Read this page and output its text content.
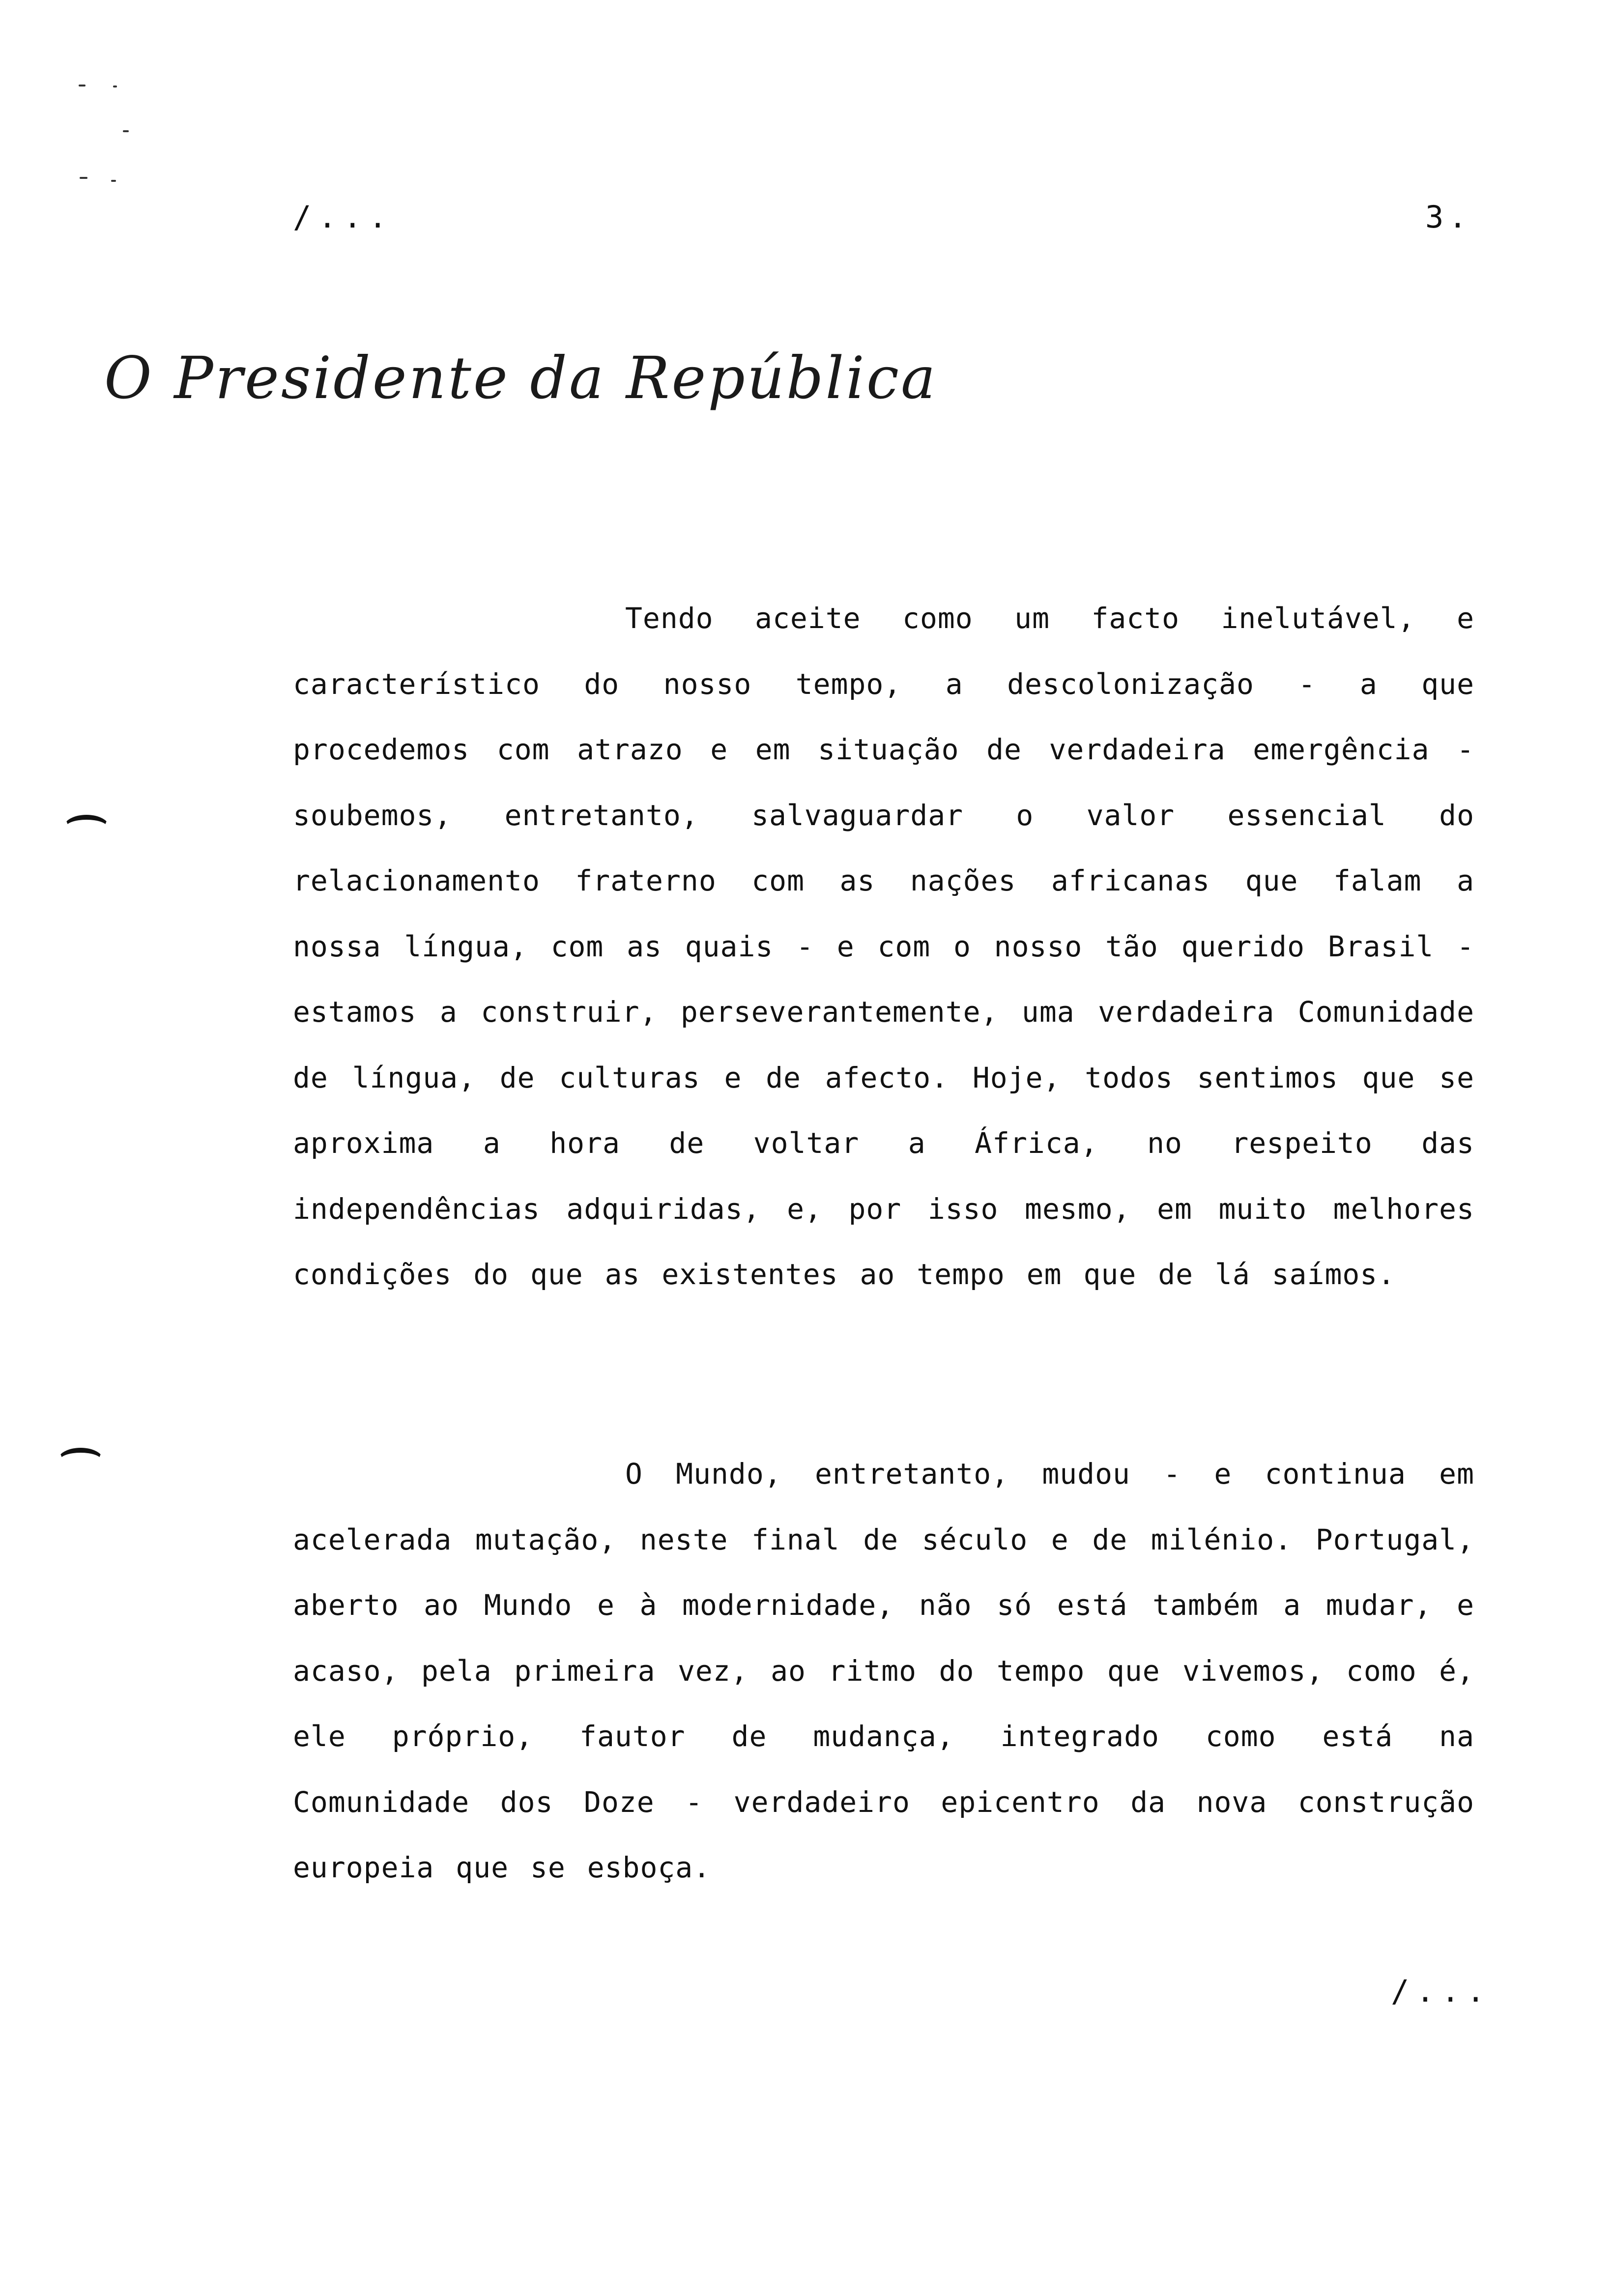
/...	3.
O Presidente da República

Tendo aceite como um facto inelutável, e característico do nosso tempo, a descolonização - a que procedemos com atrazo e em situação de verdadeira emergência - soubemos, entretanto, salvaguardar o valor essencial do relacionamento fraterno com as nações africanas que falam a nossa língua, com as quais - e com o nosso tão querido Brasil - estamos a construir, perseverantemente, uma verdadeira Comunidade de língua, de culturas e de afecto. Hoje, todos sentimos que se aproxima a hora de voltar a África, no respeito das independências adquiridas, e, por isso mesmo, em muito melhores condições do que as existentes ao tempo em que de lá saímos.

O Mundo, entretanto, mudou - e continua em acelerada mutação, neste final de século e de milénio. Portugal, aberto ao Mundo e à modernidade, não só está também a mudar, e acaso, pela primeira vez, ao ritmo do tempo que vivemos, como é, ele próprio, fautor de mudança, integrado como está na Comunidade dos Doze - verdadeiro epicentro da nova construção europeia que se esboça.

/...
